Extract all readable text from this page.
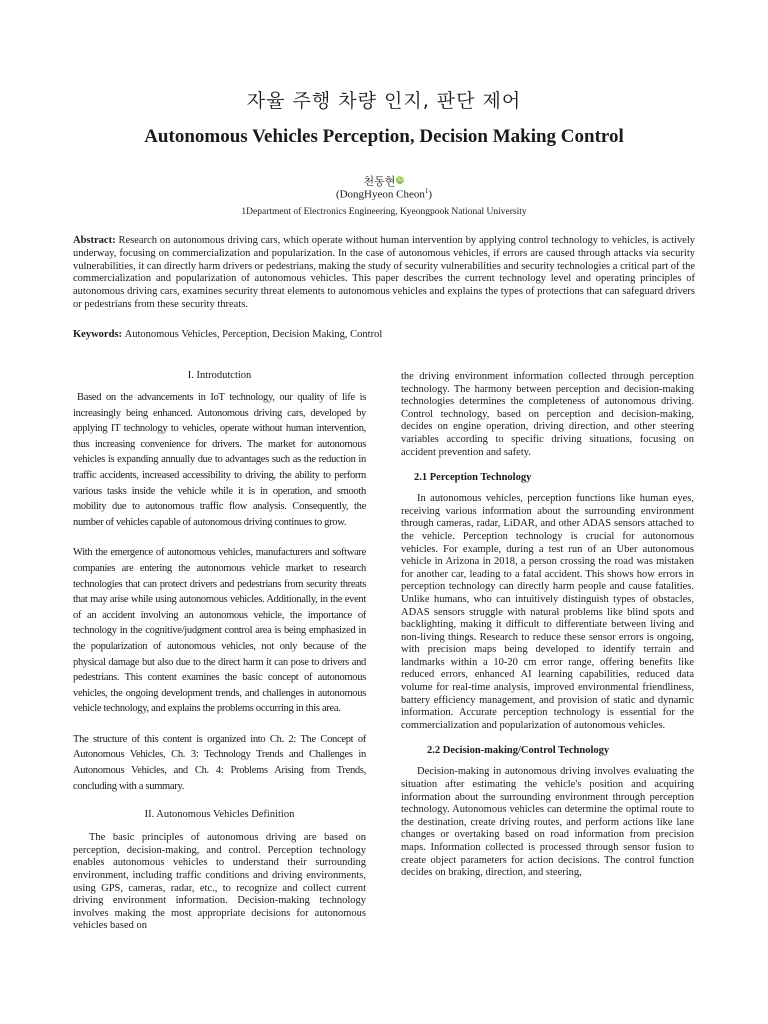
자율 주행 차량 인지, 판단 제어
Autonomous Vehicles Perception, Decision Making Control
천동현 iD
(DongHyeon Cheon$^1$)
1Department of Electronics Engineering, Kyeongpook National University
Abstract: Research on autonomous driving cars, which operate without human intervention by applying control technology to vehicles, is actively underway, focusing on commercialization and popularization. In the case of autonomous vehicles, if errors are caused through attacks via security vulnerabilities, it can directly harm drivers or pedestrians, making the study of security vulnerabilities and security technologies a critical part of the commercialization and popularization of autonomous vehicles. This paper describes the current technology level and operating principles of autonomous driving cars, examines security threat elements to autonomous vehicles and explains the types of protections that can safeguard drivers or pedestrians from these security threats.
Keywords: Autonomous Vehicles, Perception, Decision Making, Control
I. Introdutction

Based on the advancements in IoT technology, our quality of life is increasingly being enhanced. Autonomous driving cars, developed by applying IT technology to vehicles, operate without human intervention, thus increasing convenience for drivers. The market for autonomous vehicles is expanding annually due to advantages such as the reduction in traffic accidents, increased accessibility to driving, the ability to perform various tasks inside the vehicle while it is in operation, and smooth mobility due to autonomous traffic flow analysis. Consequently, the number of vehicles capable of autonomous driving continues to grow.

With the emergence of autonomous vehicles, manufacturers and software companies are entering the autonomous vehicle market to research technologies that can protect drivers and pedestrians from security threats that may arise while using autonomous vehicles. Additionally, in the event of an accident involving an autonomous vehicle, the importance of technology in the cognitive/judgment control area is being emphasized in the popularization of autonomous vehicles, not only because of the physical damage but also due to the direct harm it can pose to drivers and pedestrians. This content examines the basic concept of autonomous vehicles, the ongoing development trends, and challenges in autonomous vehicle technology, and explains the problems occurring in this area.

The structure of this content is organized into Ch. 2: The Concept of Autonomous Vehicles, Ch. 3: Technology Trends and Challenges in Autonomous Vehicles, and Ch. 4: Problems Arising from Trends, concluding with a summary.

II. Autonomous Vehicles Definition

The basic principles of autonomous driving are based on perception, decision-making, and control. Perception technology enables autonomous vehicles to understand their surrounding environment, including traffic conditions and driving environments, using GPS, cameras, radar, etc., to recognize and collect current driving environment information. Decision-making technology involves making the most appropriate decisions for autonomous vehicles based on

the driving environment information collected through perception technology. The harmony between perception and decision-making technologies determines the completeness of autonomous driving. Control technology, based on perception and decision-making, decides on engine operation, driving direction, and other steering variables according to specific driving situations, focusing on accident prevention and safety.

2.1 Perception Technology

In autonomous vehicles, perception functions like human eyes, receiving various information about the surrounding environment through cameras, radar, LiDAR, and other ADAS sensors attached to the vehicle. Perception technology is crucial for autonomous vehicles. For example, during a test run of an Uber autonomous vehicle in Arizona in 2018, a person crossing the road was mistaken for another car, leading to a fatal accident. This shows how errors in perception technology can directly harm people and cause fatalities. Unlike humans, who can intuitively distinguish types of obstacles, ADAS sensors struggle with natural problems like blind spots and backlighting, making it difficult to differentiate between living and non-living things. Research to reduce these sensor errors is ongoing, with precision maps being developed to identify terrain and landmarks within a 10-20 cm error range, offering benefits like reduced errors, enhanced AI learning capabilities, reduced data volume for real-time analysis, improved environmental friendliness, battery efficiency management, and provision of static and dynamic information. Accurate perception technology is essential for the commercialization and popularization of autonomous vehicles.

2.2 Decision-making/Control Technology

Decision-making in autonomous driving involves evaluating the situation after estimating the vehicle's position and acquiring information about the surrounding environment through perception technology. Autonomous vehicles can determine the optimal route to the destination, create driving routes, and perform actions like lane changes or overtaking based on road information from precision maps. Information collected is processed through sensor fusion to create object parameters for action decisions. The control function decides on braking, direction, and steering,
